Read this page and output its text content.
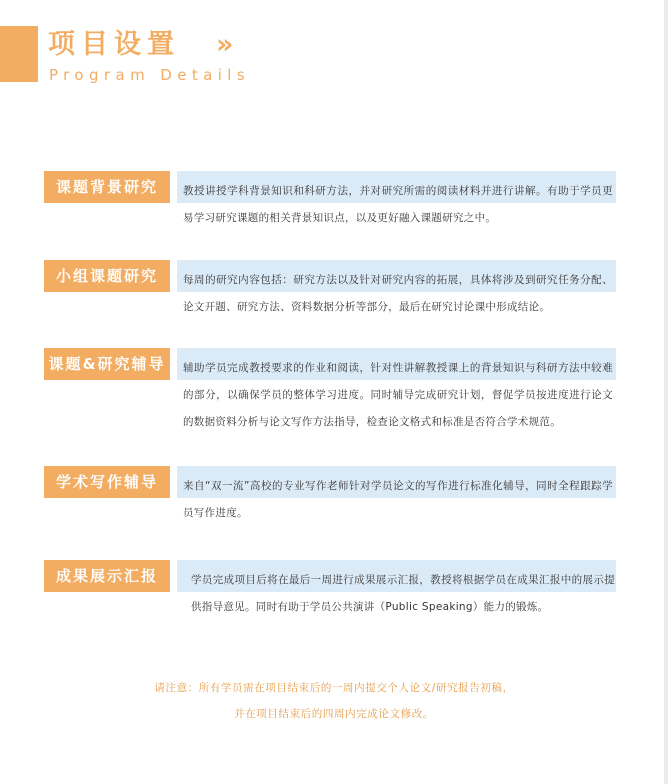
项目设置 »
Program Details
课题背景研究	教授讲授学科背景知识和科研方法，并对研究所需的阅读材料并进行讲解。有助于学员更易学习研究课题的相关背景知识点，以及更好融入课题研究之中。
小组课题研究	每周的研究内容包括：研究方法以及针对研究内容的拓展，具体将涉及到研究任务分配、论文开题、研究方法、资料数据分析等部分，最后在研究讨论课中形成结论。
课题&研究辅导	辅助学员完成教授要求的作业和阅读，针对性讲解教授课上的背景知识与科研方法中较难的部分，以确保学员的整体学习进度。同时辅导完成研究计划，督促学员按进度进行论文的数据资料分析与论文写作方法指导，检查论文格式和标准是否符合学术规范。
学术写作辅导	来自“双一流”高校的专业写作老师针对学员论文的写作进行标准化辅导，同时全程跟踪学员写作进度。
成果展示汇报	学员完成项目后将在最后一周进行成果展示汇报，教授将根据学员在成果汇报中的展示提供指导意见。同时有助于学员公共演讲（Public Speaking）能力的锻炼。
请注意：所有学员需在项目结束后的一周内提交个人论文/研究报告初稿，
并在项目结束后的四周内完成论文修改。
